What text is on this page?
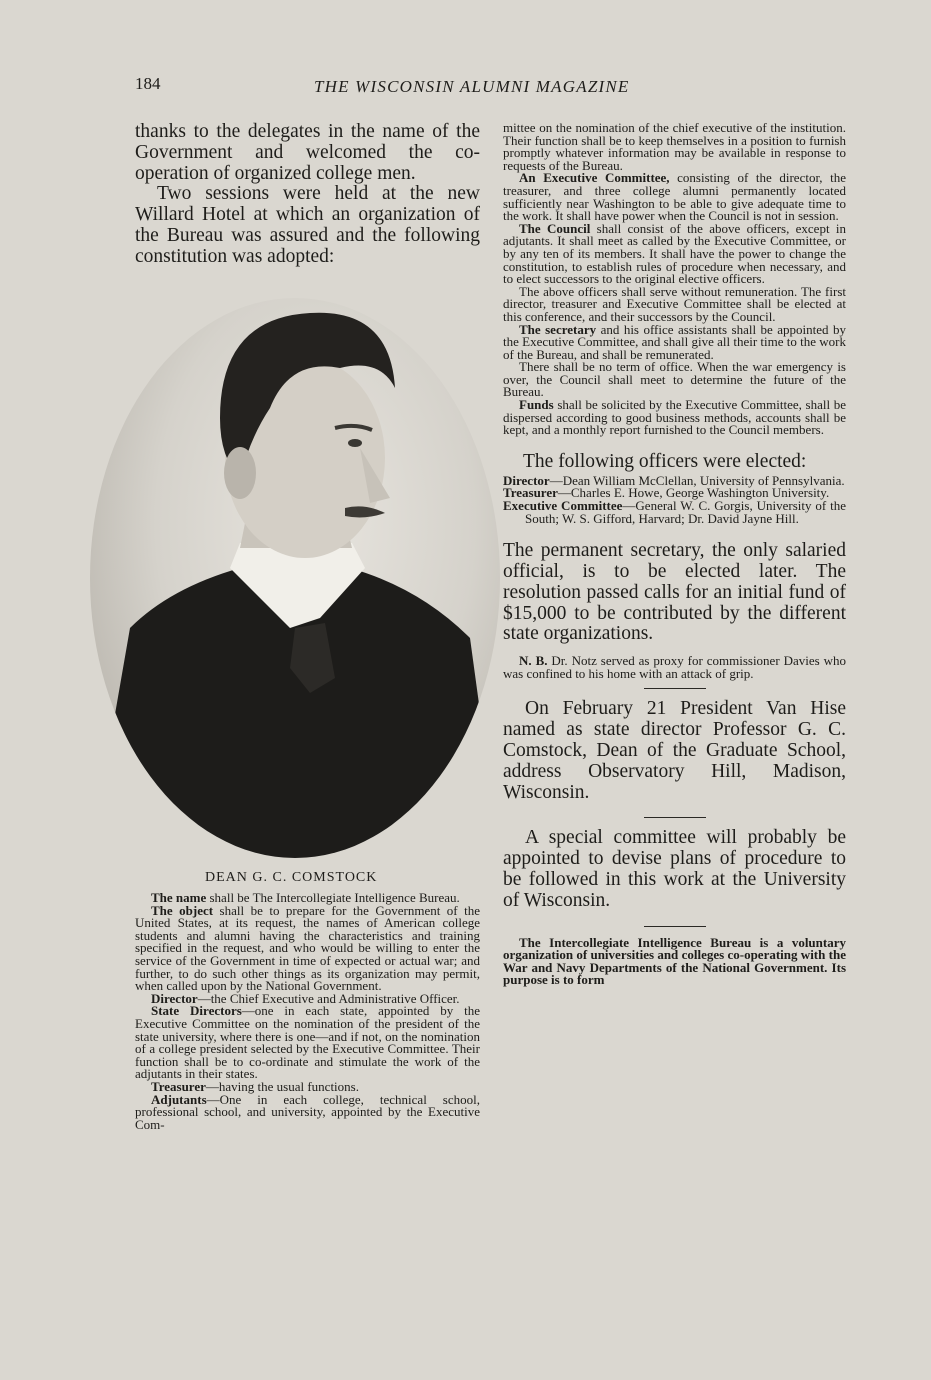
184	THE WISCONSIN ALUMNI MAGAZINE

thanks to the delegates in the name of the Government and welcomed the co-operation of organized college men.

Two sessions were held at the new Willard Hotel at which an organization of the Bureau was assured and the following constitution was adopted:

DEAN G. C. COMSTOCK

The name shall be The Intercollegiate Intelligence Bureau.

The object shall be to prepare for the Government of the United States, at its request, the names of American college students and alumni having the characteristics and training specified in the request, and who would be willing to enter the service of the Government in time of expected or actual war; and further, to do such other things as its organization may permit, when called upon by the National Government.

Director—the Chief Executive and Administrative Officer.

State Directors—one in each state, appointed by the Executive Committee on the nomination of the president of the state university, where there is one—and if not, on the nomination of a college president selected by the Executive Committee. Their function shall be to co-ordinate and stimulate the work of the adjutants in their states.

Treasurer—having the usual functions.

Adjutants—One in each college, technical school, professional school, and university, appointed by the Executive Com-

mittee on the nomination of the chief executive of the institution. Their function shall be to keep themselves in a position to furnish promptly whatever information may be available in response to requests of the Bureau.

An Executive Committee, consisting of the director, the treasurer, and three college alumni permanently located sufficiently near Washington to be able to give adequate time to the work. It shall have power when the Council is not in session.

The Council shall consist of the above officers, except in adjutants. It shall meet as called by the Executive Committee, or by any ten of its members. It shall have the power to change the constitution, to establish rules of procedure when necessary, and to elect successors to the original elective officers.

The above officers shall serve without remuneration. The first director, treasurer and Executive Committee shall be elected at this conference, and their successors by the Council.

The secretary and his office assistants shall be appointed by the Executive Committee, and shall give all their time to the work of the Bureau, and shall be remunerated.

There shall be no term of office. When the war emergency is over, the Council shall meet to determine the future of the Bureau.

Funds shall be solicited by the Executive Committee, shall be dispersed according to good business methods, accounts shall be kept, and a monthly report furnished to the Council members.

The following officers were elected:

Director—Dean William McClellan, University of Pennsylvania.

Treasurer—Charles E. Howe, George Washington University.

Executive Committee—General W. C. Gorgis, University of the South; W. S. Gifford, Harvard; Dr. David Jayne Hill.

The permanent secretary, the only salaried official, is to be elected later. The resolution passed calls for an initial fund of $15,000 to be contributed by the different state organizations.

N. B. Dr. Notz served as proxy for commissioner Davies who was confined to his home with an attack of grip.

On February 21 President Van Hise named as state director Professor G. C. Comstock, Dean of the Graduate School, address Observatory Hill, Madison, Wisconsin.

A special committee will probably be appointed to devise plans of procedure to be followed in this work at the University of Wisconsin.

The Intercollegiate Intelligence Bureau is a voluntary organization of universities and colleges co-operating with the War and Navy Departments of the National Government. Its purpose is to form
